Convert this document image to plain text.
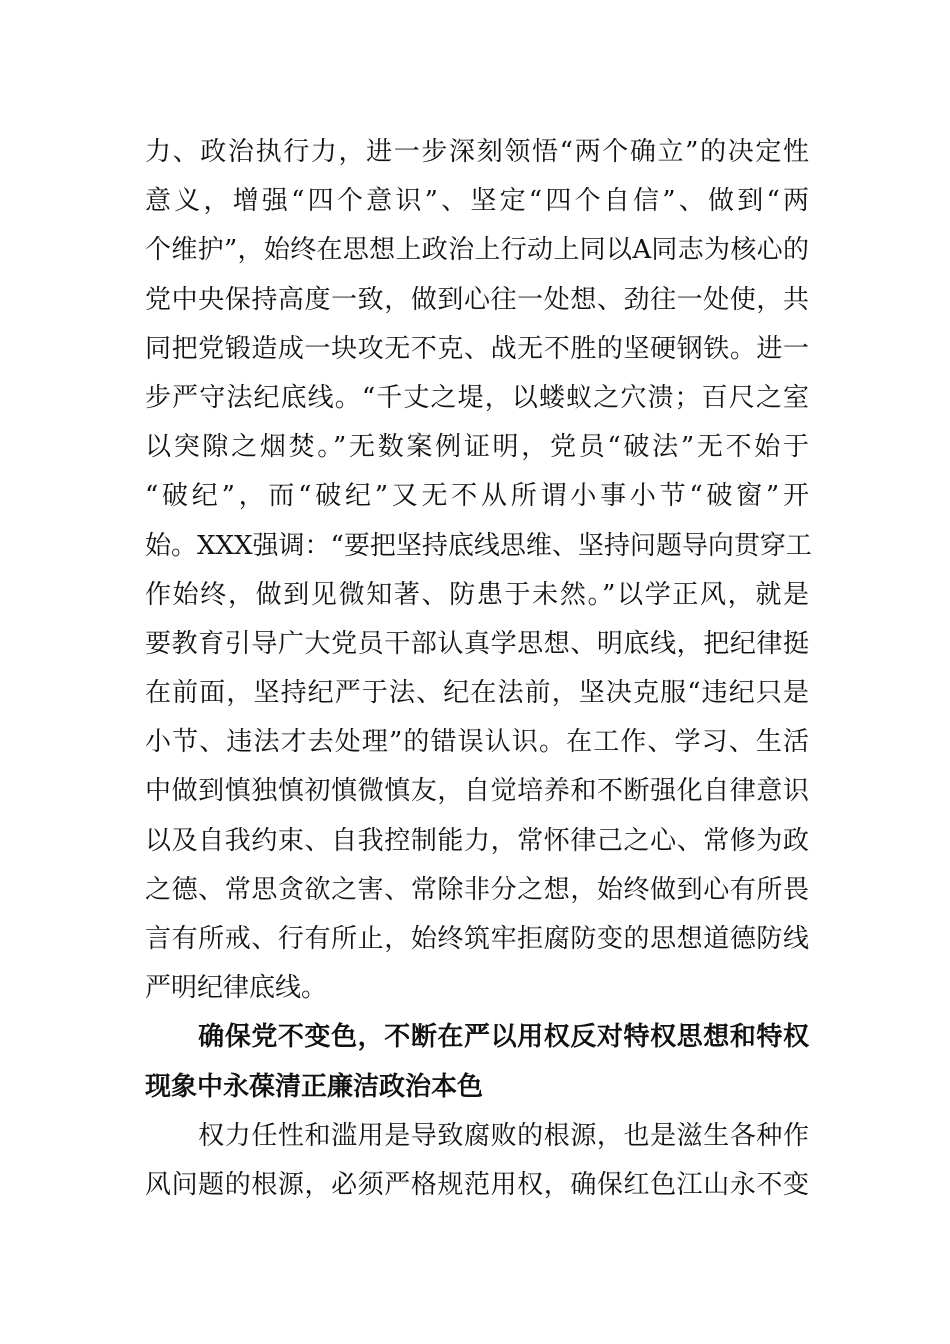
力、政治执行力，进一步深刻领悟“两个确立”的决定性
意义，增强“四个意识”、坚定“四个自信”、做到“两
个维护”，始终在思想上政治上行动上同以A同志为核心的
党中央保持高度一致，做到心往一处想、劲往一处使，共
同把党锻造成一块攻无不克、战无不胜的坚硬钢铁。进一
步严守法纪底线。“千丈之堤，以蝼蚁之穴溃；百尺之室
以突隙之烟焚。”无数案例证明，党员“破法”无不始于
“破纪”，而“破纪”又无不从所谓小事小节“破窗”开
始。XXX强调：“要把坚持底线思维、坚持问题导向贯穿工
作始终，做到见微知著、防患于未然。”以学正风，就是
要教育引导广大党员干部认真学思想、明底线，把纪律挺
在前面，坚持纪严于法、纪在法前，坚决克服“违纪只是
小节、违法才去处理”的错误认识。在工作、学习、生活
中做到慎独慎初慎微慎友，自觉培养和不断强化自律意识
以及自我约束、自我控制能力，常怀律己之心、常修为政
之德、常思贪欲之害、常除非分之想，始终做到心有所畏
言有所戒、行有所止，始终筑牢拒腐防变的思想道德防线
严明纪律底线。
　　确保党不变色，不断在严以用权反对特权思想和特权
现象中永葆清正廉洁政治本色
　　权力任性和滥用是导致腐败的根源，也是滋生各种作
风问题的根源，必须严格规范用权，确保红色江山永不变
